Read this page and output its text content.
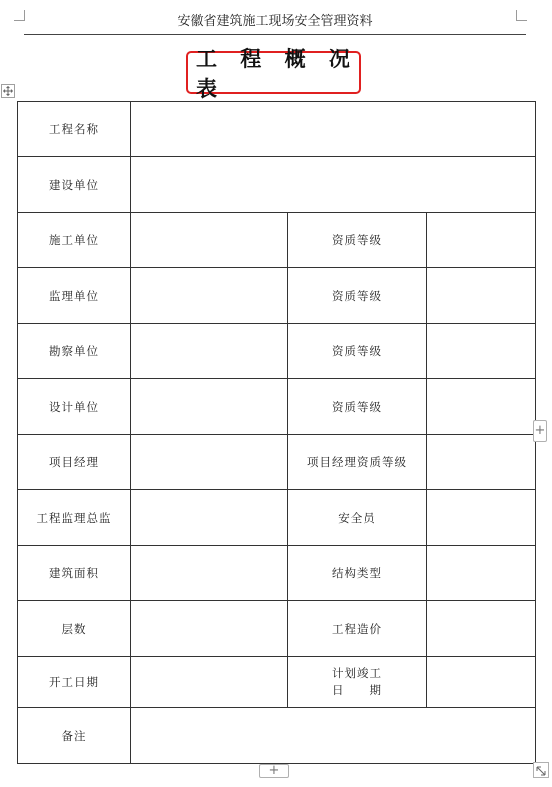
安徽省建筑施工现场安全管理资料
工 程 概 况 表
工程名称			
建设单位			
施工单位		资质等级	
监理单位		资质等级	
勘察单位		资质等级	
设计单位		资质等级	
项目经理		项目经理资质等级	
工程监理总监		安全员	
建筑面积		结构类型	
层数		工程造价	
开工日期		计划竣工
日　　期	

备注			
+
+
